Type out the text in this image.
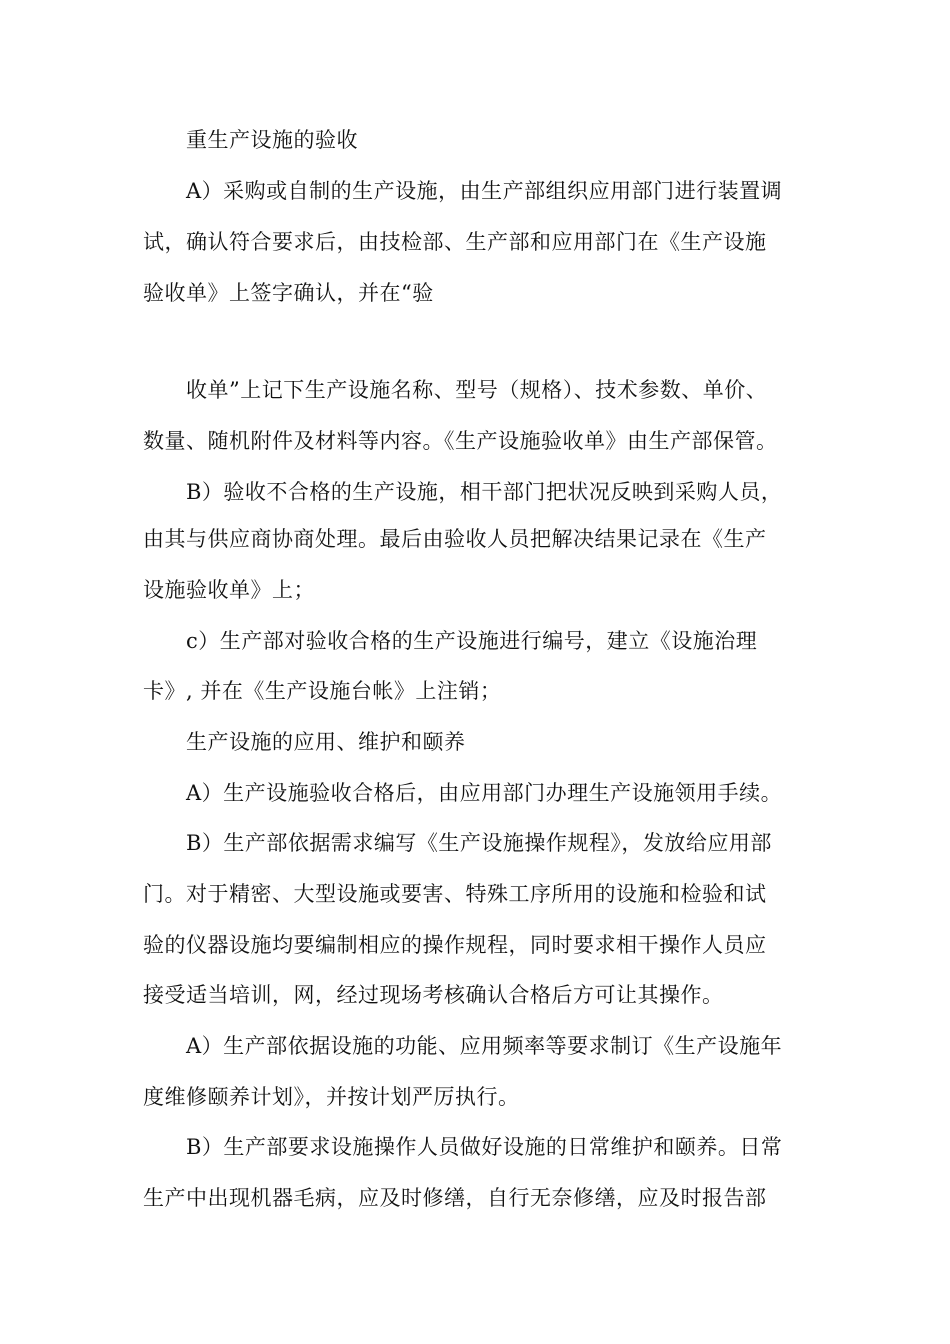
重生产设施的验收
A）采购或自制的生产设施，由生产部组织应用部门进行装置调
试，确认符合要求后，由技检部、生产部和应用部门在《生产设施
验收单》上签字确认，并在“验
收单”上记下生产设施名称、型号（规格）、技术参数、单价、
数量、随机附件及材料等内容。《生产设施验收单》由生产部保管。
B）验收不合格的生产设施，相干部门把状况反映到采购人员，
由其与供应商协商处理。最后由验收人员把解决结果记录在《生产
设施验收单》上；
c）生产部对验收合格的生产设施进行编号，建立《设施治理
卡》, 并在《生产设施台帐》上注销；
生产设施的应用、维护和颐养
A）生产设施验收合格后，由应用部门办理生产设施领用手续。
B）生产部依据需求编写《生产设施操作规程》，发放给应用部
门。对于精密、大型设施或要害、特殊工序所用的设施和检验和试
验的仪器设施均要编制相应的操作规程，同时要求相干操作人员应
接受适当培训，网，经过现场考核确认合格后方可让其操作。
A）生产部依据设施的功能、应用频率等要求制订《生产设施年
度维修颐养计划》，并按计划严厉执行。
B）生产部要求设施操作人员做好设施的日常维护和颐养。日常
生产中出现机器毛病，应及时修缮，自行无奈修缮，应及时报告部
